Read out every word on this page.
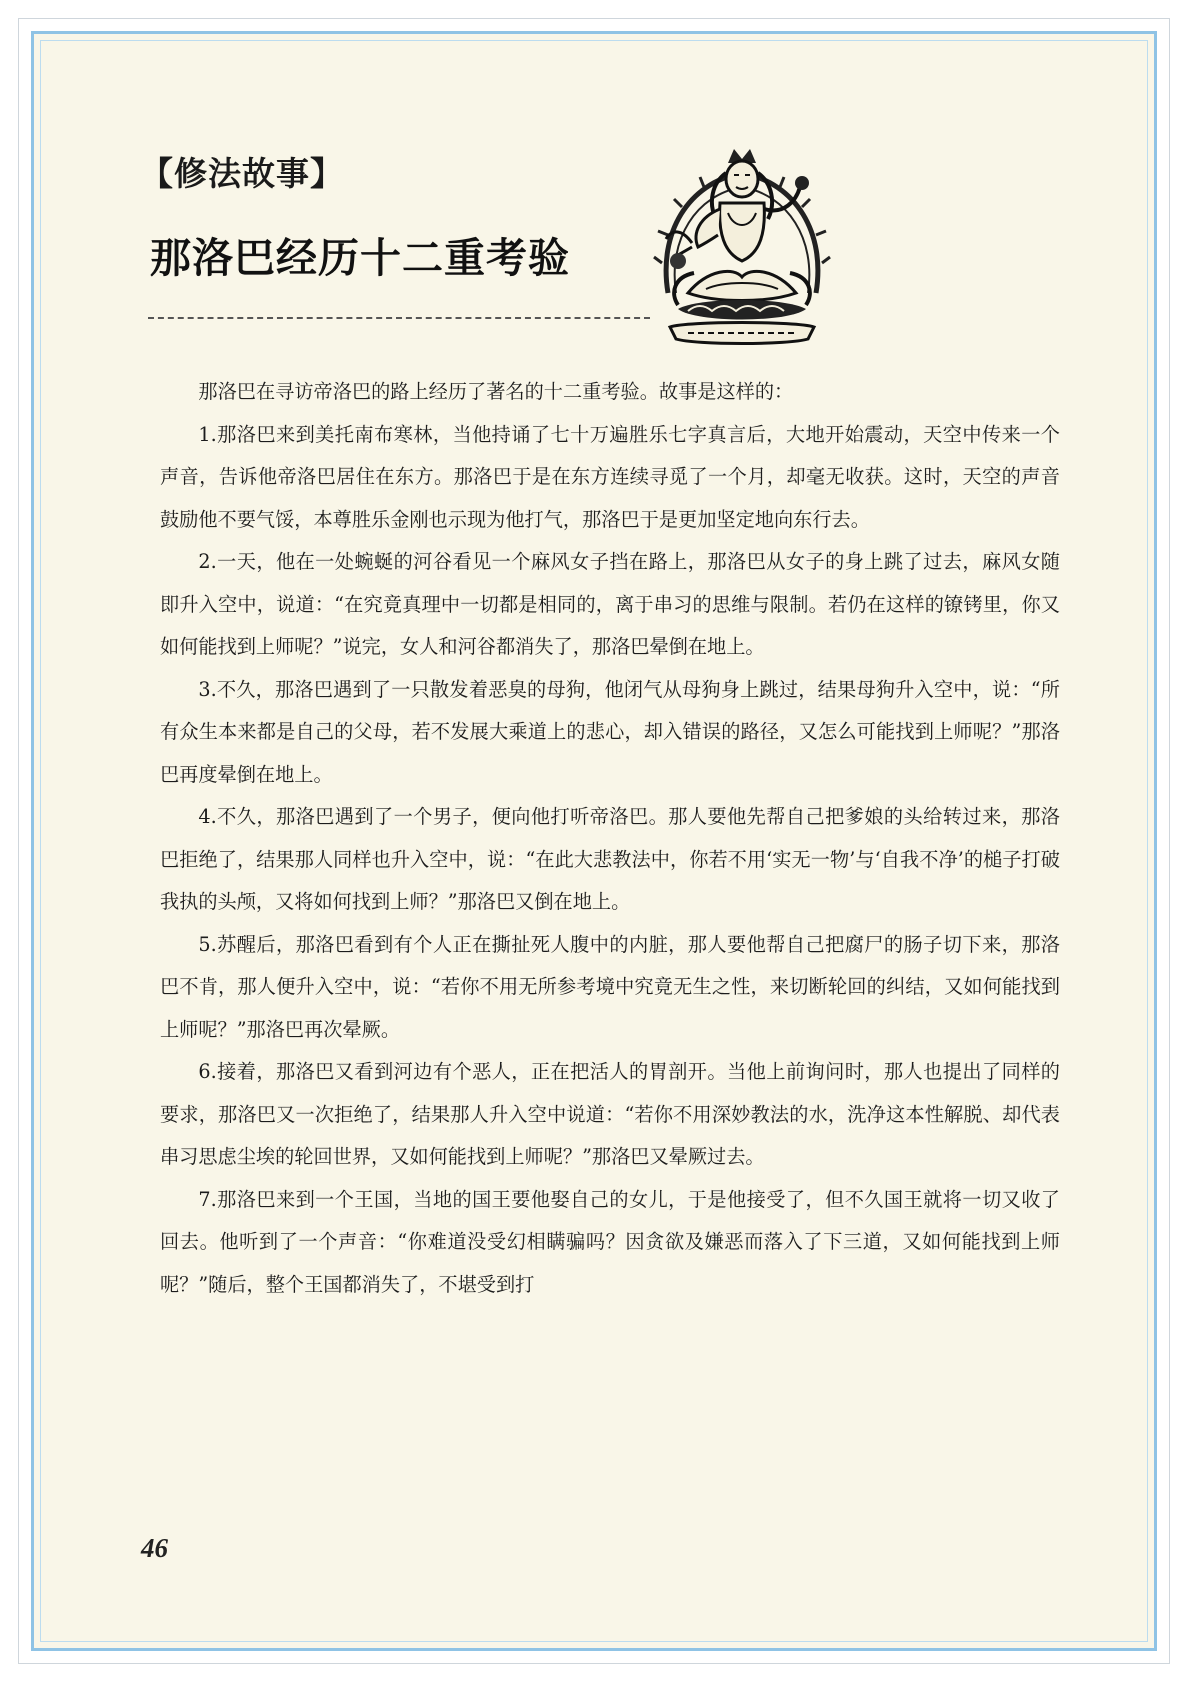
【修法故事】
那洛巴经历十二重考验

那洛巴在寻访帝洛巴的路上经历了著名的十二重考验。故事是这样的：

1.那洛巴来到美托南布寒林，当他持诵了七十万遍胜乐七字真言后，大地开始震动，天空中传来一个声音，告诉他帝洛巴居住在东方。那洛巴于是在东方连续寻觅了一个月，却毫无收获。这时，天空的声音鼓励他不要气馁，本尊胜乐金刚也示现为他打气，那洛巴于是更加坚定地向东行去。

2.一天，他在一处蜿蜒的河谷看见一个麻风女子挡在路上，那洛巴从女子的身上跳了过去，麻风女随即升入空中，说道：“在究竟真理中一切都是相同的，离于串习的思维与限制。若仍在这样的镣铐里，你又如何能找到上师呢？”说完，女人和河谷都消失了，那洛巴晕倒在地上。

3.不久，那洛巴遇到了一只散发着恶臭的母狗，他闭气从母狗身上跳过，结果母狗升入空中，说：“所有众生本来都是自己的父母，若不发展大乘道上的悲心，却入错误的路径，又怎么可能找到上师呢？”那洛巴再度晕倒在地上。

4.不久，那洛巴遇到了一个男子，便向他打听帝洛巴。那人要他先帮自己把爹娘的头给转过来，那洛巴拒绝了，结果那人同样也升入空中，说：“在此大悲教法中，你若不用‘实无一物’与‘自我不净’的槌子打破我执的头颅，又将如何找到上师？”那洛巴又倒在地上。

5.苏醒后，那洛巴看到有个人正在撕扯死人腹中的内脏，那人要他帮自己把腐尸的肠子切下来，那洛巴不肯，那人便升入空中，说：“若你不用无所参考境中究竟无生之性，来切断轮回的纠结，又如何能找到上师呢？”那洛巴再次晕厥。

6.接着，那洛巴又看到河边有个恶人，正在把活人的胃剖开。当他上前询问时，那人也提出了同样的要求，那洛巴又一次拒绝了，结果那人升入空中说道：“若你不用深妙教法的水，洗净这本性解脱、却代表串习思虑尘埃的轮回世界，又如何能找到上师呢？”那洛巴又晕厥过去。

7.那洛巴来到一个王国，当地的国王要他娶自己的女儿，于是他接受了，但不久国王就将一切又收了回去。他听到了一个声音：“你难道没受幻相瞒骗吗？因贪欲及嫌恶而落入了下三道，又如何能找到上师呢？”随后，整个王国都消失了，不堪受到打

46
